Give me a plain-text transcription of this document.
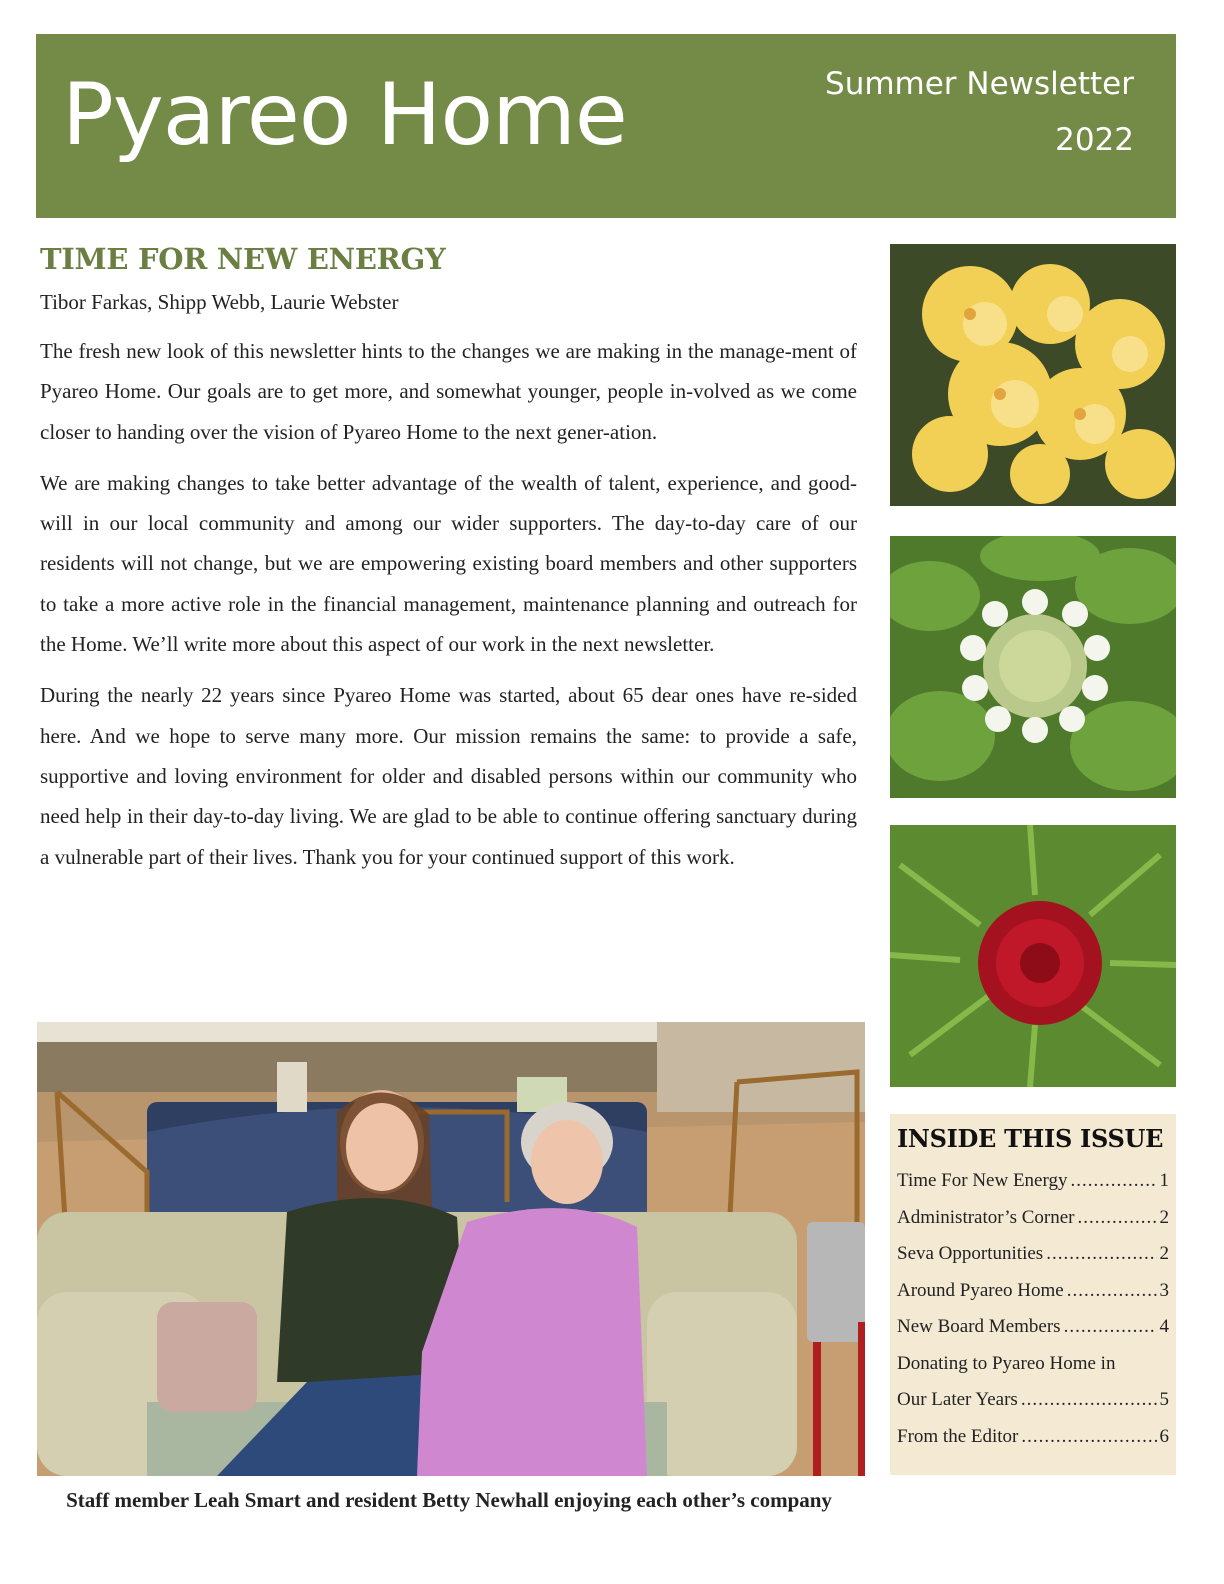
Pyareo Home	Summer Newsletter
2022
TIME FOR NEW ENERGY
Tibor Farkas, Shipp Webb, Laurie Webster

The fresh new look of this newsletter hints to the changes we are making in the manage-ment of Pyareo Home. Our goals are to get more, and somewhat younger, people in-volved as we come closer to handing over the vision of Pyareo Home to the next gener-ation.

We are making changes to take better advantage of the wealth of talent, experience, and good-will in our local community and among our wider supporters. The day-to-day care of our residents will not change, but we are empowering existing board members and other supporters to take a more active role in the financial management, maintenance planning and outreach for the Home. We’ll write more about this aspect of our work in the next newsletter.

During the nearly 22 years since Pyareo Home was started, about 65 dear ones have re-sided here. And we hope to serve many more. Our mission remains the same: to provide a safe, supportive and loving environment for older and disabled persons within our community who need help in their day-to-day living. We are glad to be able to continue offering sanctuary during a vulnerable part of their lives. Thank you for your continued support of this work.

Staff member Leah Smart and resident Betty Newhall enjoying each other’s company
INSIDE THIS ISSUE
Time For New Energy .....	1
Administrator’s Corner .....	2
Seva Opportunities .....	2
Around Pyareo Home .....	3
New Board Members .....	4
Donating to Pyareo Home in
Our Later Years .....	5
From the Editor .....	6
